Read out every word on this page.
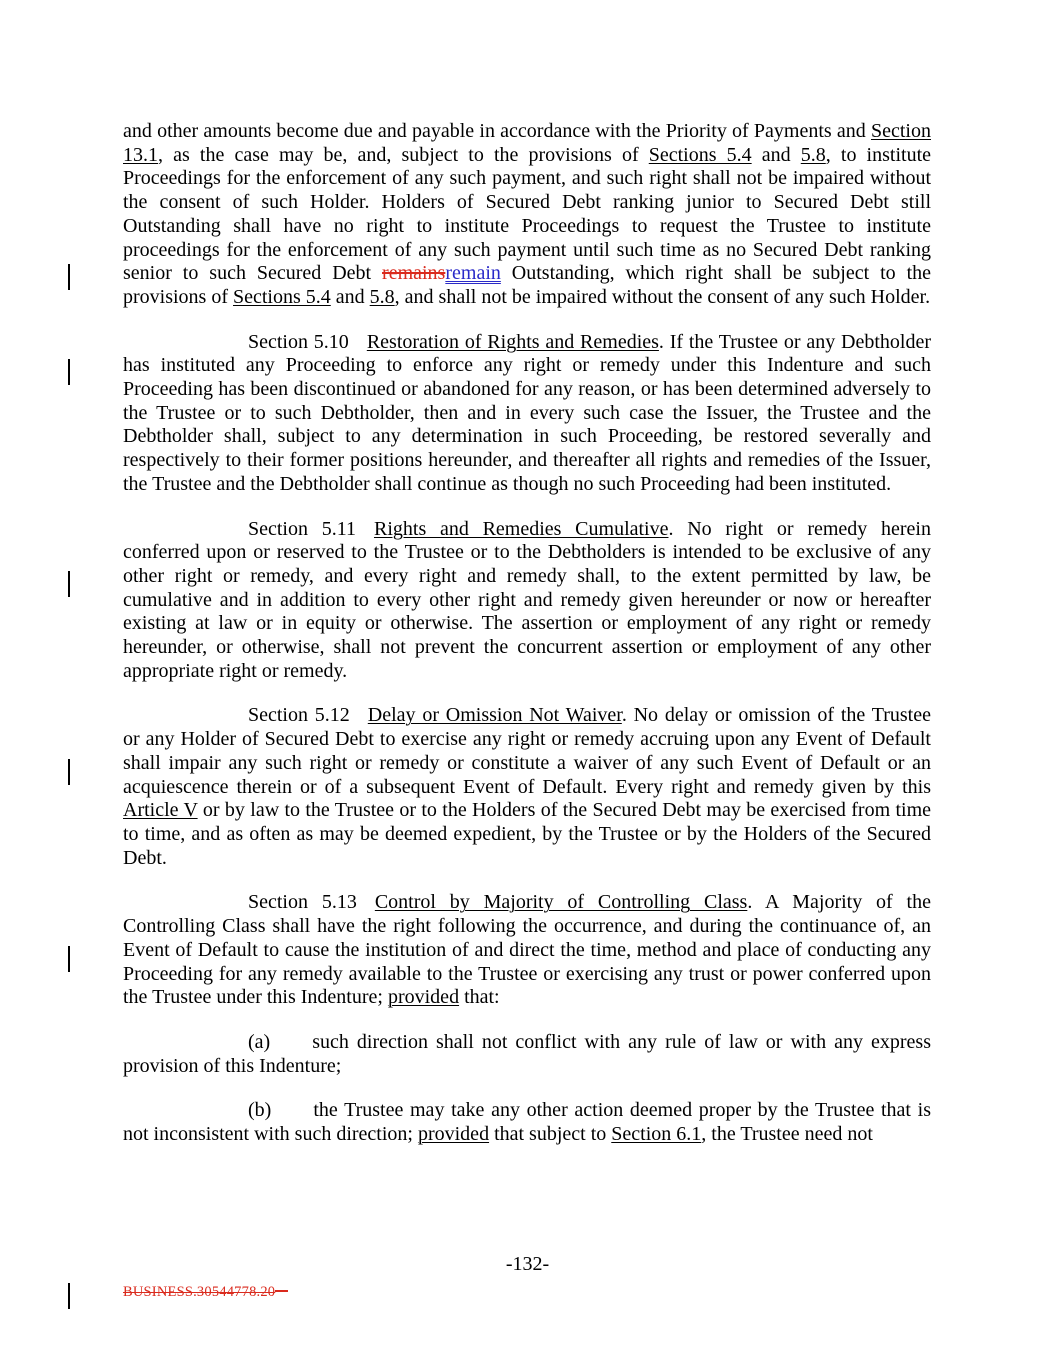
and other amounts become due and payable in accordance with the Priority of Payments and Section 13.1, as the case may be, and, subject to the provisions of Sections 5.4 and 5.8, to institute Proceedings for the enforcement of any such payment, and such right shall not be impaired without the consent of such Holder. Holders of Secured Debt ranking junior to Secured Debt still Outstanding shall have no right to institute Proceedings to request the Trustee to institute proceedings for the enforcement of any such payment until such time as no Secured Debt ranking senior to such Secured Debt remainsremain Outstanding, which right shall be subject to the provisions of Sections 5.4 and 5.8, and shall not be impaired without the consent of any such Holder.

Section 5.10 Restoration of Rights and Remedies. If the Trustee or any Debtholder has instituted any Proceeding to enforce any right or remedy under this Indenture and such Proceeding has been discontinued or abandoned for any reason, or has been determined adversely to the Trustee or to such Debtholder, then and in every such case the Issuer, the Trustee and the Debtholder shall, subject to any determination in such Proceeding, be restored severally and respectively to their former positions hereunder, and thereafter all rights and remedies of the Issuer, the Trustee and the Debtholder shall continue as though no such Proceeding had been instituted.

Section 5.11 Rights and Remedies Cumulative. No right or remedy herein conferred upon or reserved to the Trustee or to the Debtholders is intended to be exclusive of any other right or remedy, and every right and remedy shall, to the extent permitted by law, be cumulative and in addition to every other right and remedy given hereunder or now or hereafter existing at law or in equity or otherwise. The assertion or employment of any right or remedy hereunder, or otherwise, shall not prevent the concurrent assertion or employment of any other appropriate right or remedy.

Section 5.12 Delay or Omission Not Waiver. No delay or omission of the Trustee or any Holder of Secured Debt to exercise any right or remedy accruing upon any Event of Default shall impair any such right or remedy or constitute a waiver of any such Event of Default or an acquiescence therein or of a subsequent Event of Default. Every right and remedy given by this Article V or by law to the Trustee or to the Holders of the Secured Debt may be exercised from time to time, and as often as may be deemed expedient, by the Trustee or by the Holders of the Secured Debt.

Section 5.13 Control by Majority of Controlling Class. A Majority of the Controlling Class shall have the right following the occurrence, and during the continuance of, an Event of Default to cause the institution of and direct the time, method and place of conducting any Proceeding for any remedy available to the Trustee or exercising any trust or power conferred upon the Trustee under this Indenture; provided that:

(a) such direction shall not conflict with any rule of law or with any express provision of this Indenture;

(b) the Trustee may take any other action deemed proper by the Trustee that is not inconsistent with such direction; provided that subject to Section 6.1, the Trustee need not

-132-
BUSINESS.30544778.20
